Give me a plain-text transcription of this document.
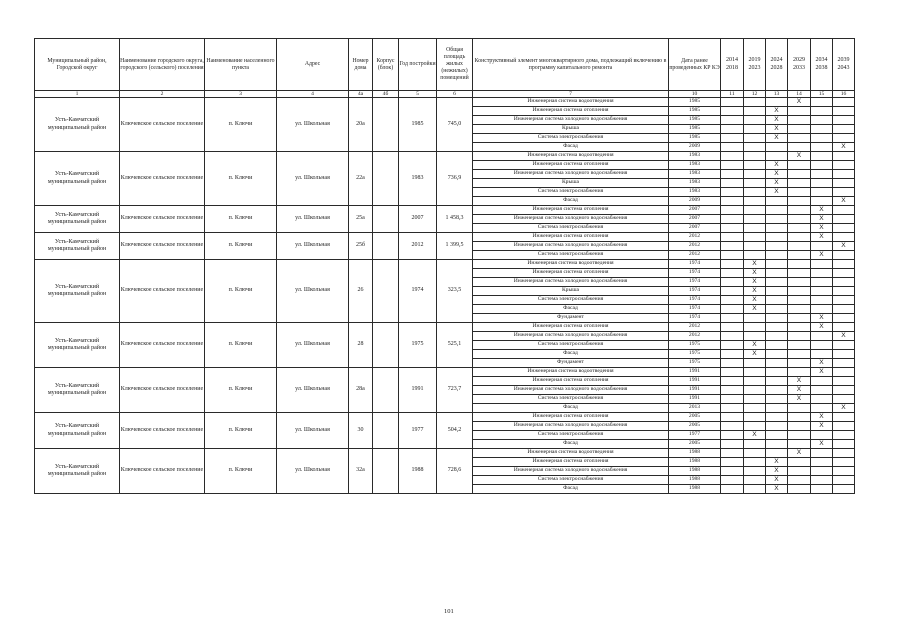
Муниципальный район, Городской округ	Наименование городского округа, городского (сельского) поселения	Наименование населенного пункта	Адрес	Номер дома	Корпус (блок)	Год постройки	Общая площадь жилых (нежилых) помещений	Конструктивный элемент многоквартирного дома, подлежащий включению в программу капитального ремонта	Дата ранее проведенных КР КЭ	2014 2018	2019 2023	2024 2028	2029 2033	2034 2038	2039 2043
1	2	3	4	4а	4б	5	6	7	10	11	12	13	14	15	16
Усть-Камчатский муниципальный район	Ключевское сельское поселение	п. Ключи	ул. Школьная	20а		1985	745,0	Инженерная система водоотведения	1985				X		
								Инженерная система отопления	1985			X			
								Инженерная система холодного водоснабжения	1985			X			
								Крыша	1985			X			
								Система электроснабжения	1985			X			
								Фасад	2009						X
Усть-Камчатский муниципальный район	Ключевское сельское поселение	п. Ключи	ул. Школьная	22а		1983	736,9	Инженерная система водоотведения	1983				X		
								Инженерная система отопления	1983			X			
								Инженерная система холодного водоснабжения	1983			X			
								Крыша	1983			X			
								Система электроснабжения	1983			X			
								Фасад	2009						X
Усть-Камчатский муниципальный район	Ключевское сельское поселение	п. Ключи	ул. Школьная	25а		2007	1 458,3	Инженерная система отопления	2007					X	
								Инженерная система холодного водоснабжения	2007					X	
								Система электроснабжения	2007					X	
Усть-Камчатский муниципальный район	Ключевское сельское поселение	п. Ключи	ул. Школьная	25б		2012	1 399,5	Инженерная система отопления	2012					X	
								Инженерная система холодного водоснабжения	2012						X
								Система электроснабжения	2012					X	
Усть-Камчатский муниципальный район	Ключевское сельское поселение	п. Ключи	ул. Школьная	26		1974	323,5	Инженерная система водоотведения	1974		X				
								Инженерная система отопления	1974		X				
								Инженерная система холодного водоснабжения	1974		X				
								Крыша	1974		X				
								Система электроснабжения	1974		X				
								Фасад	1974		X				
								Фундамент	1974					X	
Усть-Камчатский муниципальный район	Ключевское сельское поселение	п. Ключи	ул. Школьная	28		1975	525,1	Инженерная система отопления	2012					X	
								Инженерная система холодного водоснабжения	2012						X
								Система электроснабжения	1975		X				
								Фасад	1975		X				
								Фундамент	1975					X	
Усть-Камчатский муниципальный район	Ключевское сельское поселение	п. Ключи	ул. Школьная	28а		1991	723,7	Инженерная система водоотведения	1991					X	
								Инженерная система отопления	1991				X		
								Инженерная система холодного водоснабжения	1991				X		
								Система электроснабжения	1991				X		
								Фасад	2013						X
Усть-Камчатский муниципальный район	Ключевское сельское поселение	п. Ключи	ул. Школьная	30		1977	504,2	Инженерная система отопления	2005					X	
								Инженерная система холодного водоснабжения	2005					X	
								Система электроснабжения	1977		X				
								Фасад	2005					X	
Усть-Камчатский муниципальный район	Ключевское сельское поселение	п. Ключи	ул. Школьная	32а		1988	728,6	Инженерная система водоотведения	1988				X		
								Инженерная система отопления	1988			X			
								Инженерная система холодного водоснабжения	1988			X			
								Система электроснабжения	1988			X			
								Фасад	1988			X			
101
